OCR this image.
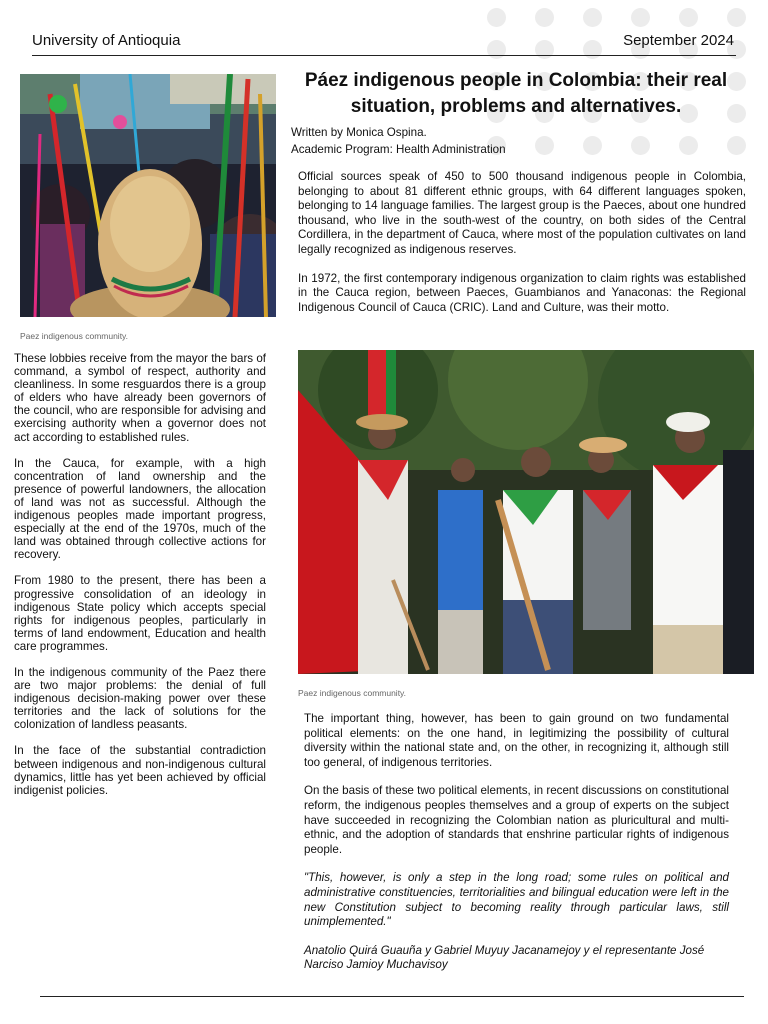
University of Antioquia	September 2024
Paez indigenous community.

These lobbies receive from the mayor the bars of command, a symbol of respect, authority and cleanliness. In some resguardos there is a group of elders who have already been governors of the council, who are responsible for advising and exercising authority when a governor does not act according to established rules.

In the Cauca, for example, with a high concentration of land ownership and the presence of powerful landowners, the allocation of land was not as successful. Although the indigenous peoples made important progress, especially at the end of the 1970s, much of the land was obtained through collective actions for recovery.

From 1980 to the present, there has been a progressive consolidation of an ideology in indigenous State policy which accepts special rights for indigenous peoples, particularly in terms of land endowment, Education and health care programmes.

In the indigenous community of the Paez there are two major problems: the denial of full indigenous decision-making power over these territories and the lack of solutions for the colonization of landless peasants.

In the face of the substantial contradiction between indigenous and non-indigenous cultural dynamics, little has yet been achieved by official indigenist policies.

Páez indigenous people in Colombia: their real situation, problems and alternatives.
Written by Monica Ospina.
Academic Program: Health Administration

Official sources speak of 450 to 500 thousand indigenous people in Colombia, belonging to about 81 different ethnic groups, with 64 different languages spoken, belonging to 14 language families. The largest group is the Paeces, about one hundred thousand, who live in the south-west of the country, on both sides of the Central Cordillera, in the department of Cauca, where most of the population cultivates on land legally recognized as indigenous reserves.

In 1972, the first contemporary indigenous organization to claim rights was established in the Cauca region, between Paeces, Guambianos and Yanaconas: the Regional Indigenous Council of Cauca (CRIC). Land and Culture, was their motto.

Paez indigenous community.

The important thing, however, has been to gain ground on two fundamental political elements: on the one hand, in legitimizing the possibility of cultural diversity within the national state and, on the other, in recognizing it, although still too general, of indigenous territories.

On the basis of these two political elements, in recent discussions on constitutional reform, the indigenous peoples themselves and a group of experts on the subject have succeeded in recognizing the Colombian nation as pluricultural and multi-ethnic, and the adoption of standards that enshrine particular rights of indigenous people.

"This, however, is only a step in the long road; some rules on political and administrative constituencies, territorialities and bilingual education were left in the new Constitution subject to becoming reality through particular laws, still unimplemented."

Anatolio Quirá Guauña y Gabriel Muyuy Jacanamejoy y el representante José Narciso Jamioy Muchavisoy
